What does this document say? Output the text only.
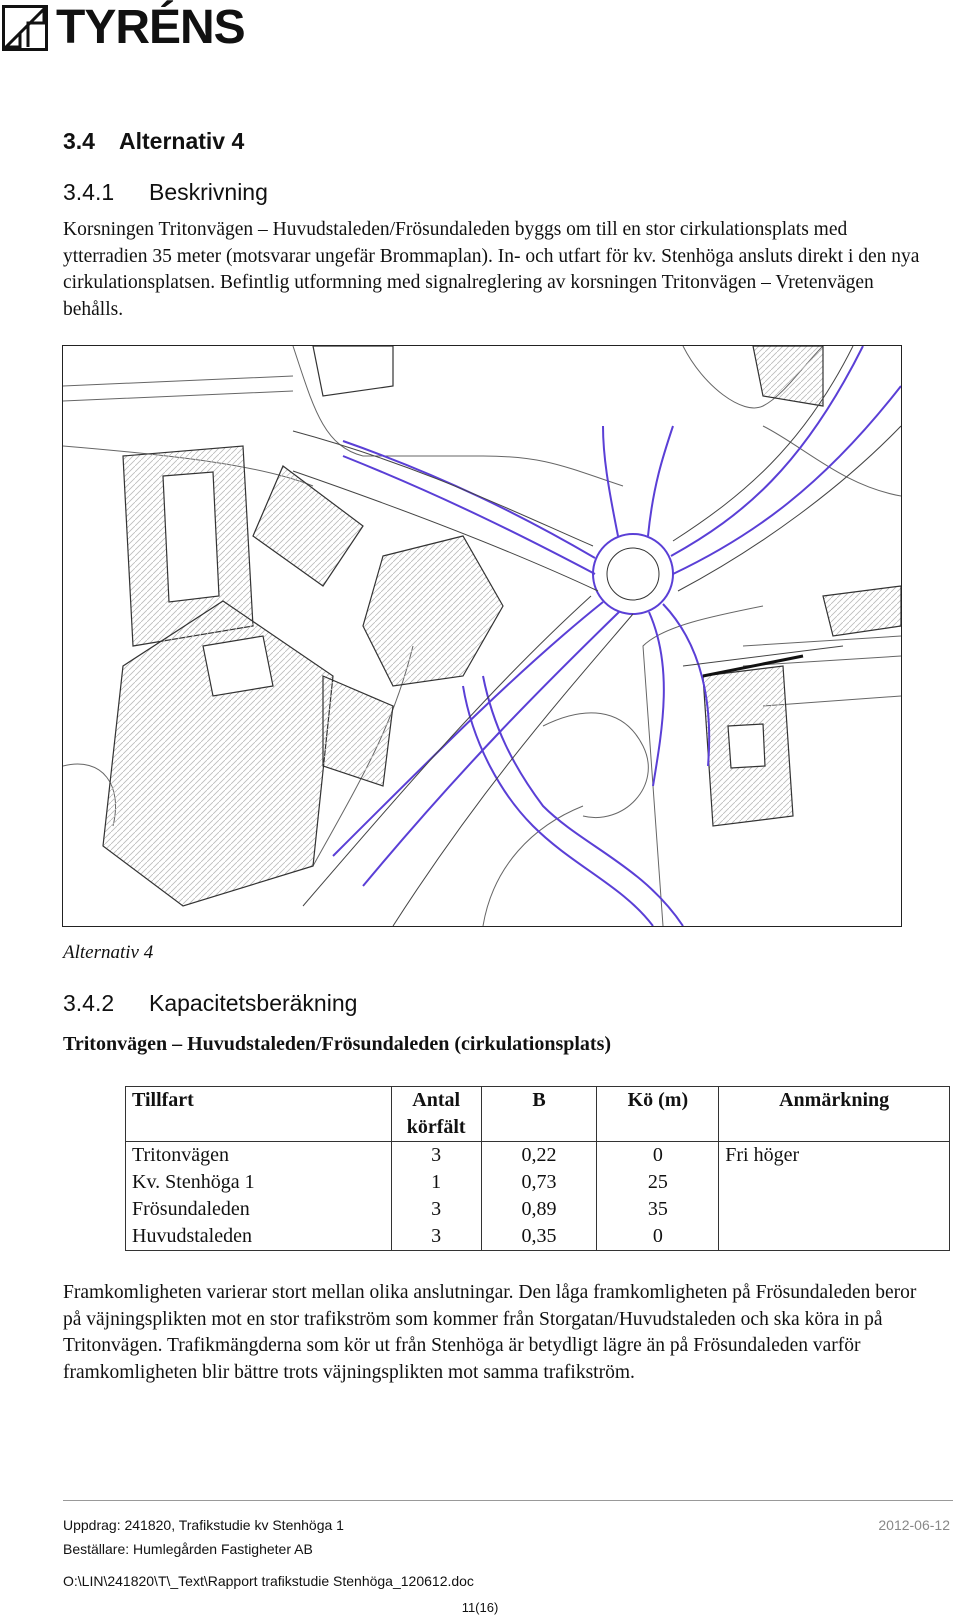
TYRÉNS
3.4 Alternativ 4
3.4.1 Beskrivning

Korsningen Tritonvägen – Huvudstaleden/Frösundaleden byggs om till en stor cirkulationsplats med ytterradien 35 meter (motsvarar ungefär Brommaplan). In- och utfart för kv. Stenhöga ansluts direkt i den nya cirkulationsplatsen. Befintlig utformning med signalreglering av korsningen Tritonvägen – Vretenvägen behålls.

Alternativ 4
3.4.2 Kapacitetsberäkning
Tritonvägen – Huvudstaleden/Frösundaleden (cirkulationsplats)
Tillfart	Antal körfält	B	Kö (m)	Anmärkning
Tritonvägen	3	0,22	0	Fri höger
Kv. Stenhöga 1	1	0,73	25	
Frösundaleden	3	0,89	35	
Huvudstaleden	3	0,35	0	

Framkomligheten varierar stort mellan olika anslutningar. Den låga framkomligheten på Frösundaleden beror på väjningsplikten mot en stor trafikström som kommer från Storgatan/Huvudstaleden och ska köra in på Tritonvägen. Trafikmängderna som kör ut från Stenhöga är betydligt lägre än på Frösundaleden varför framkomligheten blir bättre trots väjningsplikten mot samma trafikström.

Uppdrag: 241820, Trafikstudie kv Stenhöga 1
Beställare: Humlegården Fastigheter AB
2012-06-12
O:\LIN\241820\T\_Text\Rapport trafikstudie Stenhöga_120612.doc
11(16)
